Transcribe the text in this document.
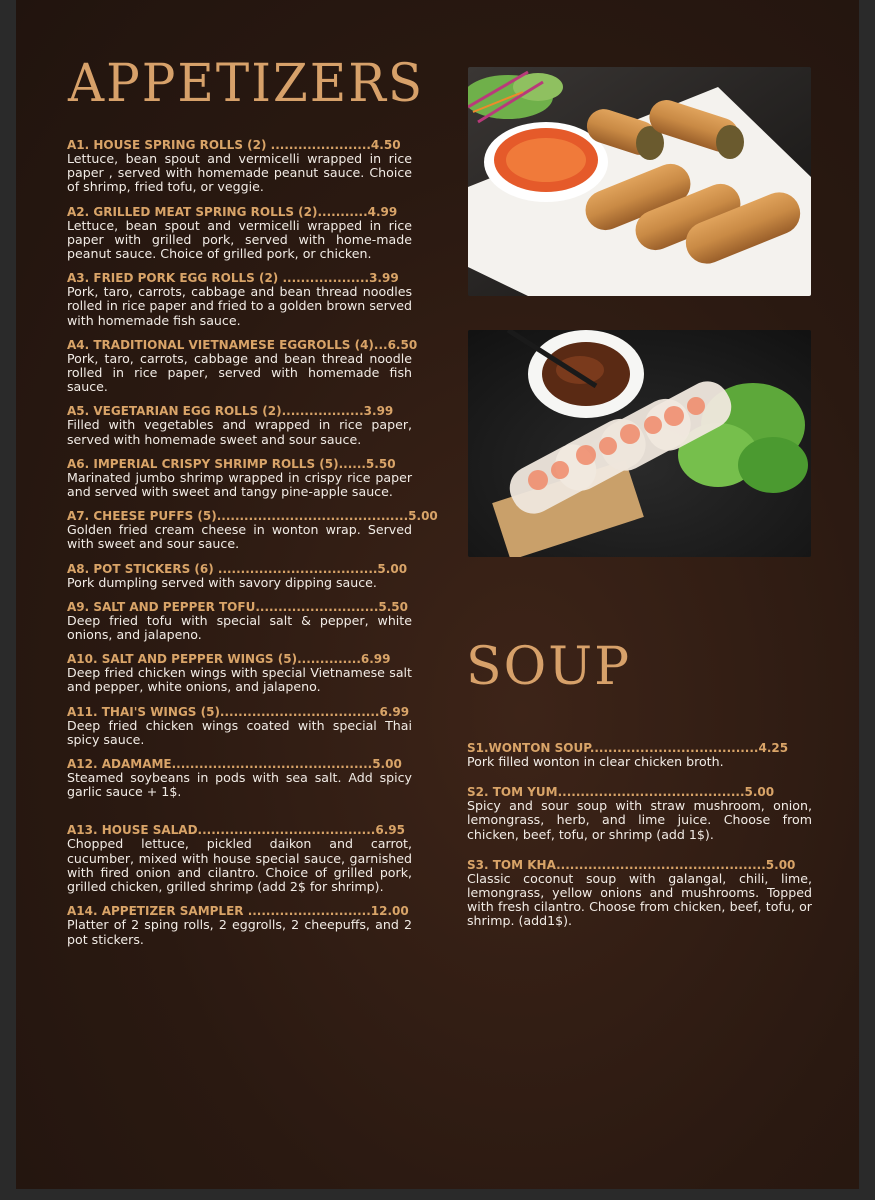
APPETIZERS
A1. HOUSE SPRING ROLLS (2) ......................4.50
Lettuce, bean spout and vermicelli wrapped in rice paper , served with homemade peanut sauce. Choice of shrimp, fried tofu, or veggie.
A2. GRILLED MEAT SPRING ROLLS (2)...........4.99
Lettuce, bean spout and vermicelli wrapped in rice paper with grilled pork, served with home-made peanut sauce. Choice of grilled pork, or chicken.
A3. FRIED PORK EGG ROLLS (2) ...................3.99
Pork, taro, carrots, cabbage and bean thread noodles rolled in rice paper and fried to a golden brown served with homemade fish sauce.
A4. TRADITIONAL VIETNAMESE EGGROLLS (4)...6.50
Pork, taro, carrots, cabbage and bean thread noodle rolled in rice paper, served with homemade fish sauce.
A5. VEGETARIAN EGG ROLLS (2)..................3.99
Filled with vegetables and wrapped in rice paper, served with homemade sweet and sour sauce.
A6. IMPERIAL CRISPY SHRIMP ROLLS (5)......5.50
Marinated jumbo shrimp wrapped in crispy rice paper and served with sweet and tangy pine-apple sauce.
A7. CHEESE PUFFS (5)..........................................5.00
Golden fried cream cheese in wonton wrap. Served with sweet and sour sauce.
A8. POT STICKERS (6) ...................................5.00
Pork dumpling served with savory dipping sauce.
A9. SALT AND PEPPER TOFU...........................5.50
Deep fried tofu with special salt & pepper, white onions, and jalapeno.
A10. SALT AND PEPPER WINGS (5)..............6.99
Deep fried chicken wings with special Vietnamese salt and pepper, white onions, and jalapeno.
A11. THAI'S WINGS (5)...................................6.99
Deep fried chicken wings coated with special Thai spicy sauce.
A12. ADAMAME............................................5.00
Steamed soybeans in pods with sea salt. Add spicy garlic sauce + 1$.
A13. HOUSE SALAD.......................................6.95
Chopped lettuce, pickled daikon and carrot, cucumber, mixed with house special sauce, garnished with fired onion and cilantro. Choice of grilled pork, grilled chicken, grilled shrimp (add 2$ for shrimp).
A14. APPETIZER SAMPLER ...........................12.00
Platter of 2 sping rolls, 2 eggrolls, 2 cheepuffs, and 2 pot stickers.
SOUP
S1.WONTON SOUP.....................................4.25
Pork filled wonton in clear chicken broth.
S2. TOM YUM.........................................5.00
Spicy and sour soup with straw mushroom, onion, lemongrass, herb, and lime juice. Choose from chicken, beef, tofu, or shrimp (add 1$).
S3. TOM KHA..............................................5.00
Classic coconut soup with galangal, chili, lime, lemongrass, yellow onions and mushrooms. Topped with fresh cilantro. Choose from chicken, beef, tofu, or shrimp. (add1$).
